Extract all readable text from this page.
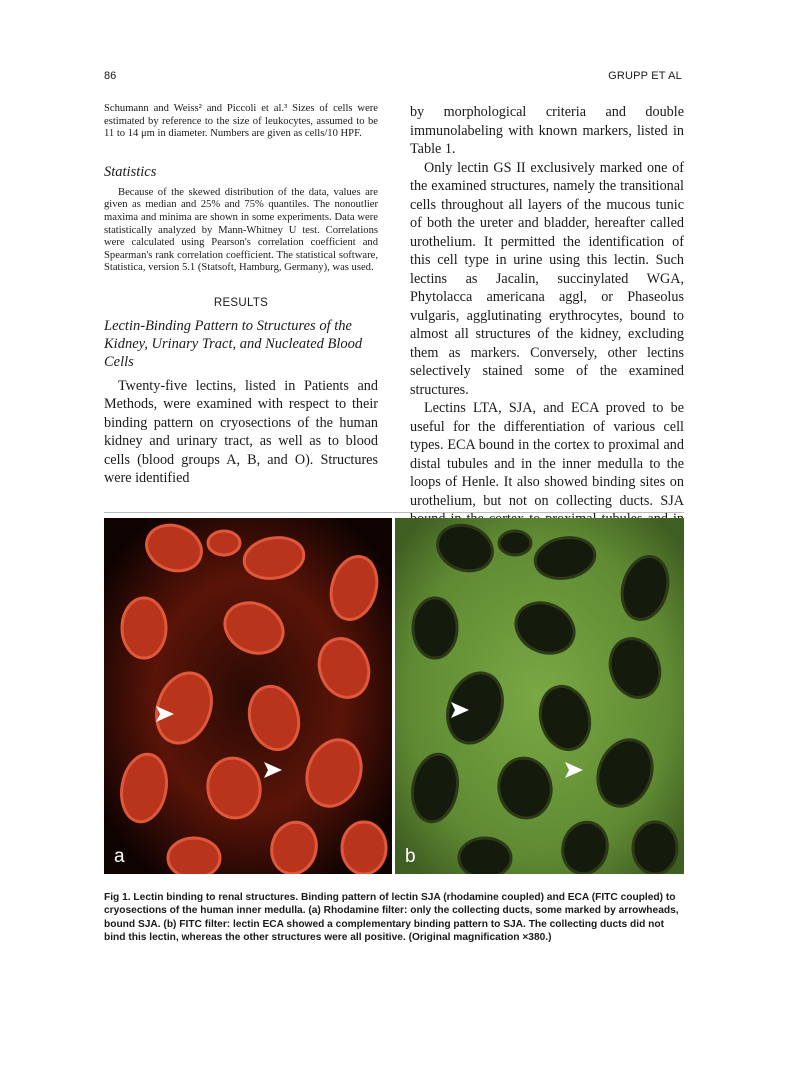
86	GRUPP ET AL

Schumann and Weiss² and Piccoli et al.³ Sizes of cells were estimated by reference to the size of leukocytes, assumed to be 11 to 14 μm in diameter. Numbers are given as cells/10 HPF.

Statistics

Because of the skewed distribution of the data, values are given as median and 25% and 75% quantiles. The nonoutlier maxima and minima are shown in some experiments. Data were statistically analyzed by Mann-Whitney U test. Correlations were calculated using Pearson's correlation coefficient and Spearman's rank correlation coefficient. The statistical software, Statistica, version 5.1 (Statsoft, Hamburg, Germany), was used.

RESULTS

Lectin-Binding Pattern to Structures of the Kidney, Urinary Tract, and Nucleated Blood Cells

Twenty-five lectins, listed in Patients and Methods, were examined with respect to their binding pattern on cryosections of the human kidney and urinary tract, as well as to blood cells (blood groups A, B, and O). Structures were identified

by morphological criteria and double immunolabeling with known markers, listed in Table 1.

Only lectin GS II exclusively marked one of the examined structures, namely the transitional cells throughout all layers of the mucous tunic of both the ureter and bladder, hereafter called urothelium. It permitted the identification of this cell type in urine using this lectin. Such lectins as Jacalin, succinylated WGA, Phytolacca americana aggl, or Phaseolus vulgaris, agglutinating erythrocytes, bound to almost all structures of the kidney, excluding them as markers. Conversely, other lectins selectively stained some of the examined structures.

Lectins LTA, SJA, and ECA proved to be useful for the differentiation of various cell types. ECA bound in the cortex to proximal and distal tubules and in the inner medulla to the loops of Henle. It also showed binding sites on urothelium, but not on collecting ducts. SJA

a	b

Fig 1. Lectin binding to renal structures. Binding pattern of lectin SJA (rhodamine coupled) and ECA (FITC coupled) to cryosections of the human inner medulla. (a) Rhodamine filter: only the collecting ducts, some marked by arrowheads, bound SJA. (b) FITC filter: lectin ECA showed a complementary binding pattern to SJA. The collecting ducts did not bind this lectin, whereas the other structures were all positive. (Original magnification ×380.)
